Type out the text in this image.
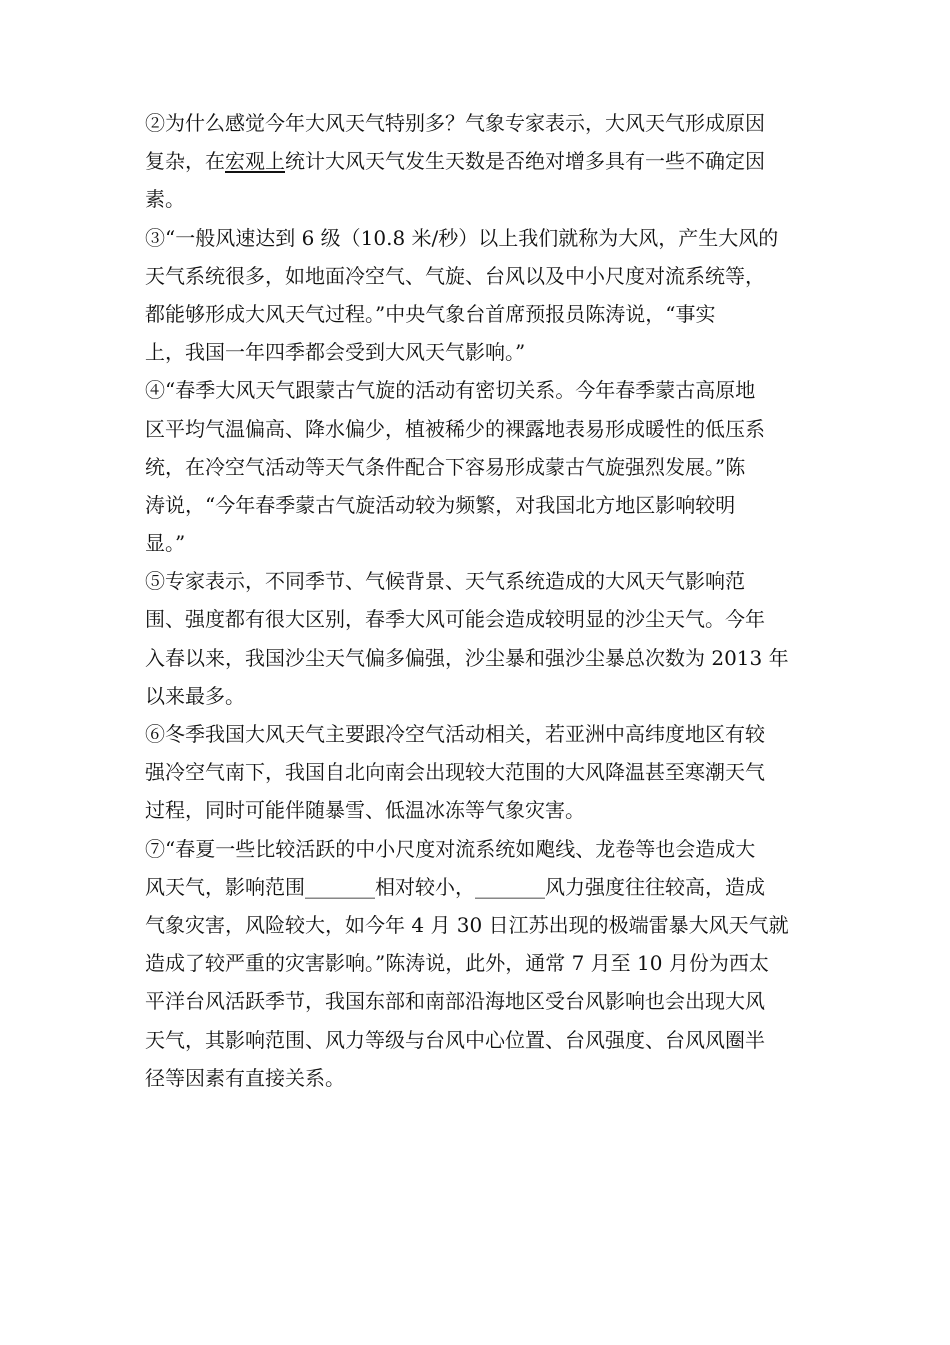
②为什么感觉今年大风天气特别多？气象专家表示，大风天气形成原因
复杂，在宏观上统计大风天气发生天数是否绝对增多具有一些不确定因
素。
③“一般风速达到 6 级（10.8 米/秒）以上我们就称为大风，产生大风的
天气系统很多，如地面冷空气、气旋、台风以及中小尺度对流系统等，
都能够形成大风天气过程。”中央气象台首席预报员陈涛说，“事实
上，我国一年四季都会受到大风天气影响。”
④“春季大风天气跟蒙古气旋的活动有密切关系。今年春季蒙古高原地
区平均气温偏高、降水偏少，植被稀少的裸露地表易形成暖性的低压系
统，在冷空气活动等天气条件配合下容易形成蒙古气旋强烈发展。”陈
涛说，“今年春季蒙古气旋活动较为频繁，对我国北方地区影响较明
显。”
⑤专家表示，不同季节、气候背景、天气系统造成的大风天气影响范
围、强度都有很大区别，春季大风可能会造成较明显的沙尘天气。今年
入春以来，我国沙尘天气偏多偏强，沙尘暴和强沙尘暴总次数为 2013 年
以来最多。
⑥冬季我国大风天气主要跟冷空气活动相关，若亚洲中高纬度地区有较
强冷空气南下，我国自北向南会出现较大范围的大风降温甚至寒潮天气
过程，同时可能伴随暴雪、低温冰冻等气象灾害。
⑦“春夏一些比较活跃的中小尺度对流系统如飑线、龙卷等也会造成大
风天气，影响范围_______相对较小，_______风力强度往往较高，造成
气象灾害，风险较大，如今年 4 月 30 日江苏出现的极端雷暴大风天气就
造成了较严重的灾害影响。”陈涛说，此外，通常 7 月至 10 月份为西太
平洋台风活跃季节，我国东部和南部沿海地区受台风影响也会出现大风
天气，其影响范围、风力等级与台风中心位置、台风强度、台风风圈半
径等因素有直接关系。
